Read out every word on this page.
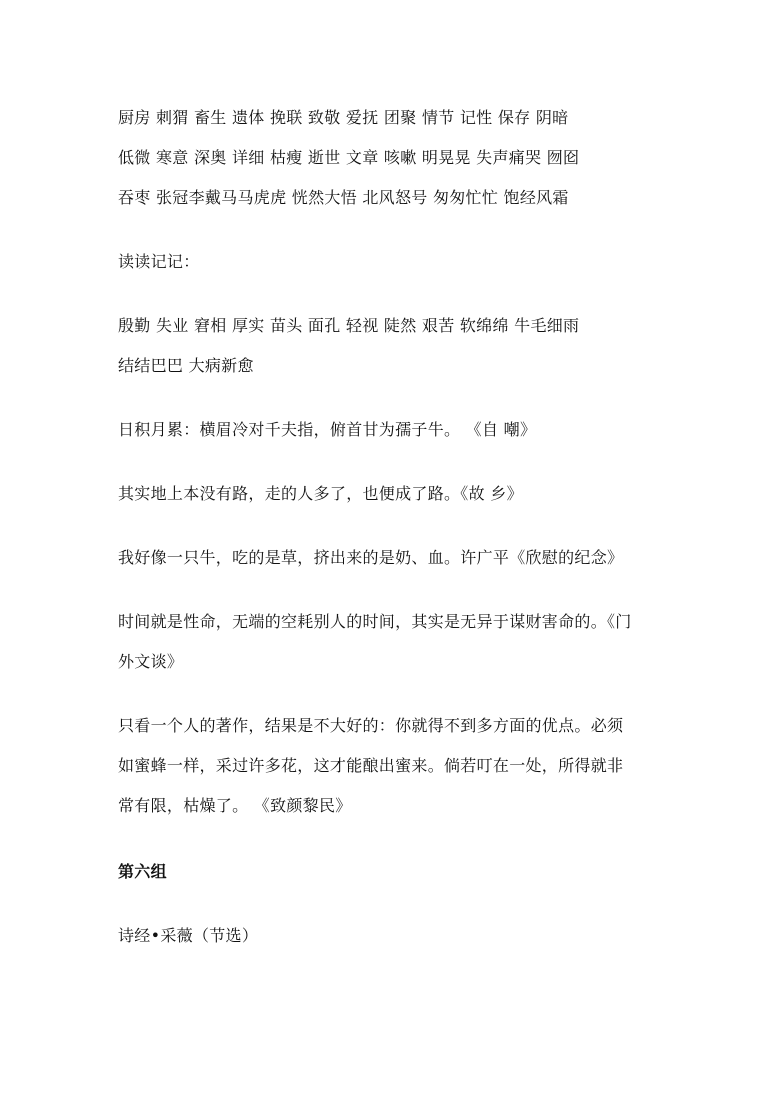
厨房 刺猬 畜生 遗体 挽联 致敬 爱抚 团聚 情节 记性 保存 阴暗
低微 寒意 深奥 详细 枯瘦 逝世 文章 咳嗽 明晃晃 失声痛哭 囫囵
吞枣 张冠李戴马马虎虎 恍然大悟 北风怒号 匆匆忙忙 饱经风霜
读读记记：
殷勤 失业 窘相 厚实 苗头 面孔 轻视 陡然 艰苦 软绵绵 牛毛细雨
结结巴巴 大病新愈
日积月累：横眉冷对千夫指，俯首甘为孺子牛。 《自 嘲》
其实地上本没有路，走的人多了，也便成了路。《故 乡》
我好像一只牛，吃的是草，挤出来的是奶、血。许广平《欣慰的纪念》
时间就是性命，无端的空耗别人的时间，其实是无异于谋财害命的。《门
外文谈》
只看一个人的著作，结果是不大好的：你就得不到多方面的优点。必须
如蜜蜂一样，采过许多花，这才能酿出蜜来。倘若叮在一处，所得就非
常有限，枯燥了。 《致颜黎民》
第六组
诗经•采薇（节选）
